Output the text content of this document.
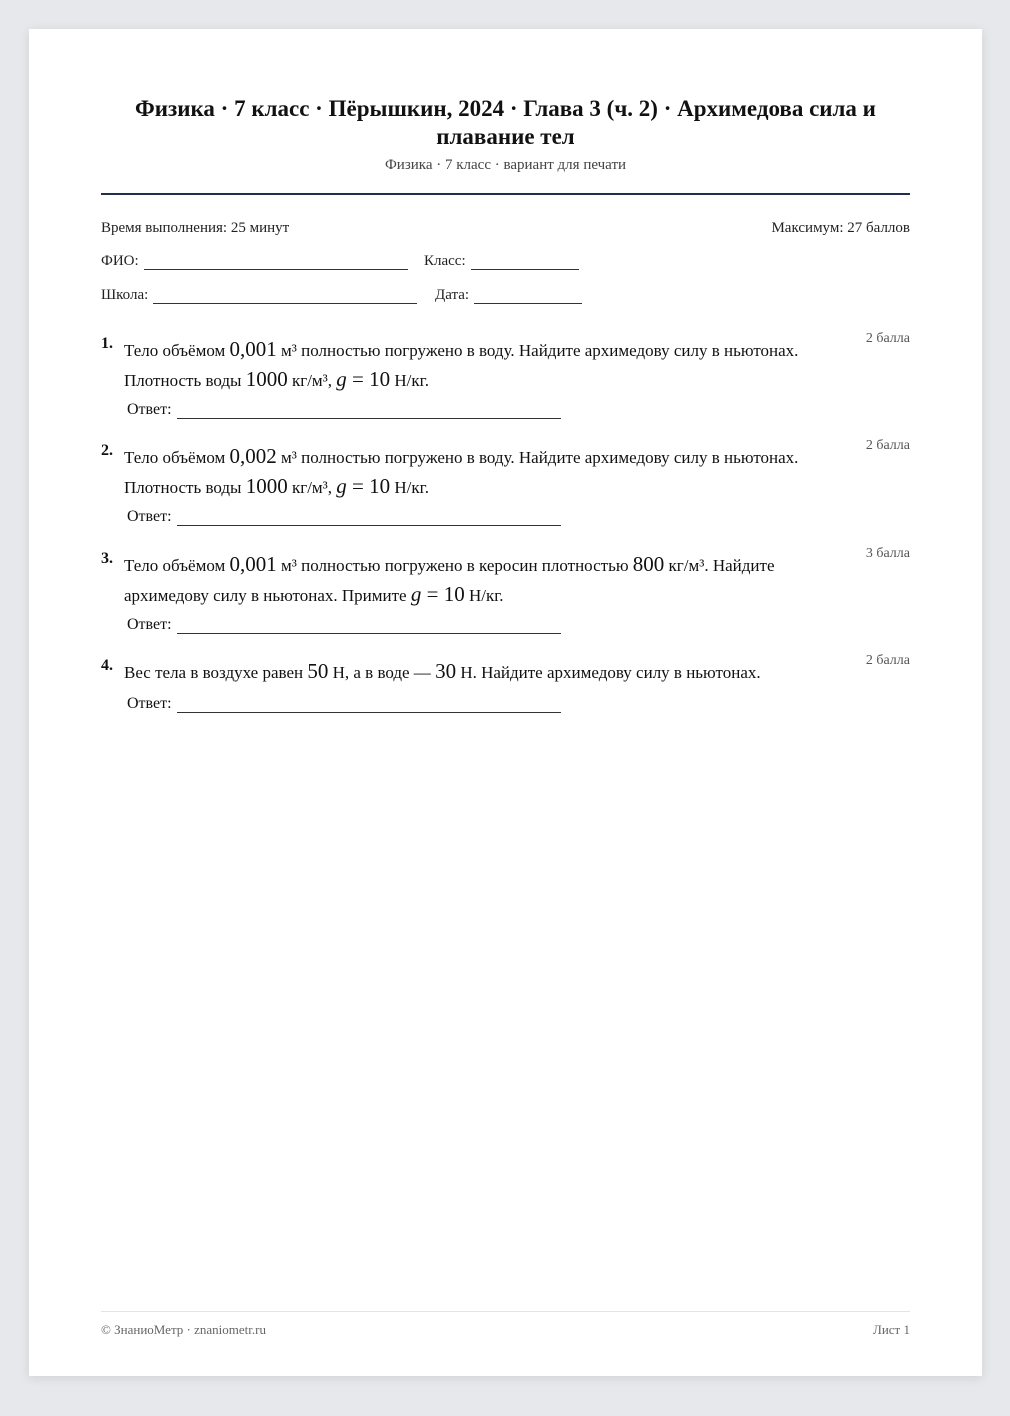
Физика · 7 класс · Пёрышкин, 2024 · Глава 3 (ч. 2) · Архимедова сила и плавание тел
Физика · 7 класс · вариант для печати
Время выполнения: 25 минут	Максимум: 27 баллов
ФИО:	Класс:
Школа:	Дата:
1. Тело объёмом 0,001 м³ полностью погружено в воду. Найдите архимедову силу в ньютонах. Плотность воды 1000 кг/м³, g = 10 Н/кг.
2 балла
Ответ:
2. Тело объёмом 0,002 м³ полностью погружено в воду. Найдите архимедову силу в ньютонах. Плотность воды 1000 кг/м³, g = 10 Н/кг.
2 балла
Ответ:
3. Тело объёмом 0,001 м³ полностью погружено в керосин плотностью 800 кг/м³. Найдите архимедову силу в ньютонах. Примите g = 10 Н/кг.
3 балла
Ответ:
4. Вес тела в воздухе равен 50 Н, а в воде — 30 Н. Найдите архимедову силу в ньютонах.
2 балла
Ответ:
© ЗнаниоМетр · znaniometr.ru	Лист 1
